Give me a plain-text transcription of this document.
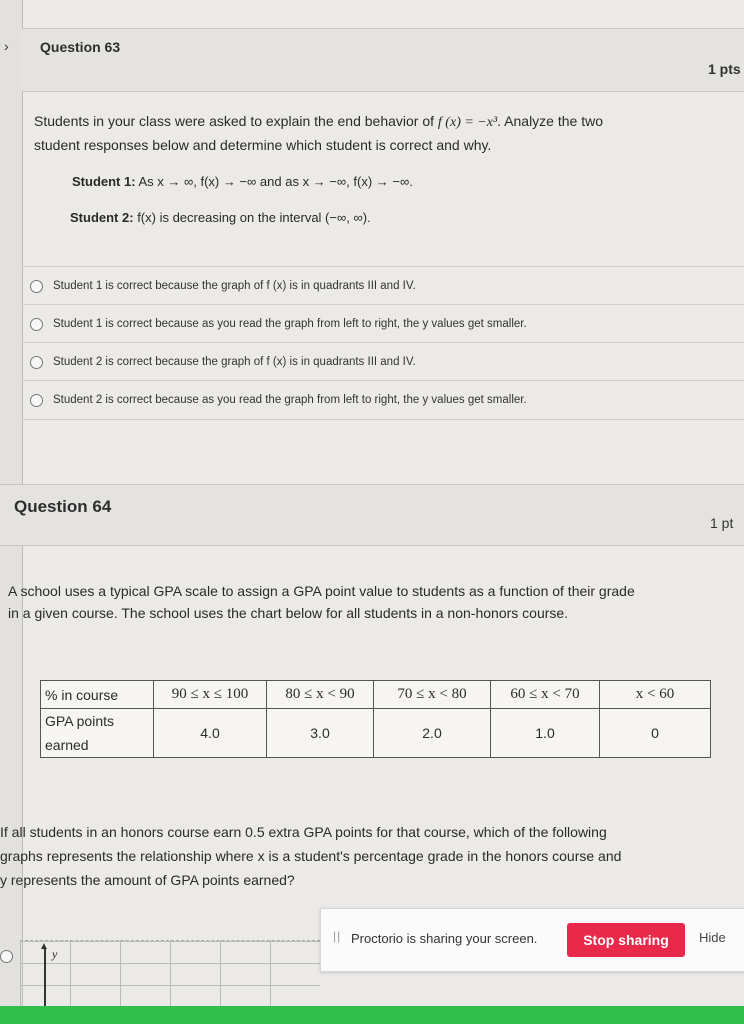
› Question 63
1 pts
Students in your class were asked to explain the end behavior of f (x) = −x³. Analyze the two
student responses below and determine which student is correct and why.
Student 1: As x → ∞, f(x) → −∞ and as x → −∞, f(x) → −∞.
Student 2: f(x) is decreasing on the interval (−∞, ∞).
Student 1 is correct because the graph of f (x) is in quadrants III and IV.
Student 1 is correct because as you read the graph from left to right, the y values get smaller.
Student 2 is correct because the graph of f (x) is in quadrants III and IV.
Student 2 is correct because as you read the graph from left to right, the y values get smaller.
Question 64
1 pt
A school uses a typical GPA scale to assign a GPA point value to students as a function of their grade
in a given course. The school uses the chart below for all students in a non-honors course.
% in course	90 ≤ x ≤ 100	80 ≤ x < 90	70 ≤ x < 80	60 ≤ x < 70	x < 60
GPA points earned	4.0	3.0	2.0	1.0	0
If all students in an honors course earn 0.5 extra GPA points for that course, which of the following
graphs represents the relationship where x is a student's percentage grade in the honors course and
y represents the amount of GPA points earned?
▲
y
|| Proctorio is sharing your screen.	Stop sharing	Hide
